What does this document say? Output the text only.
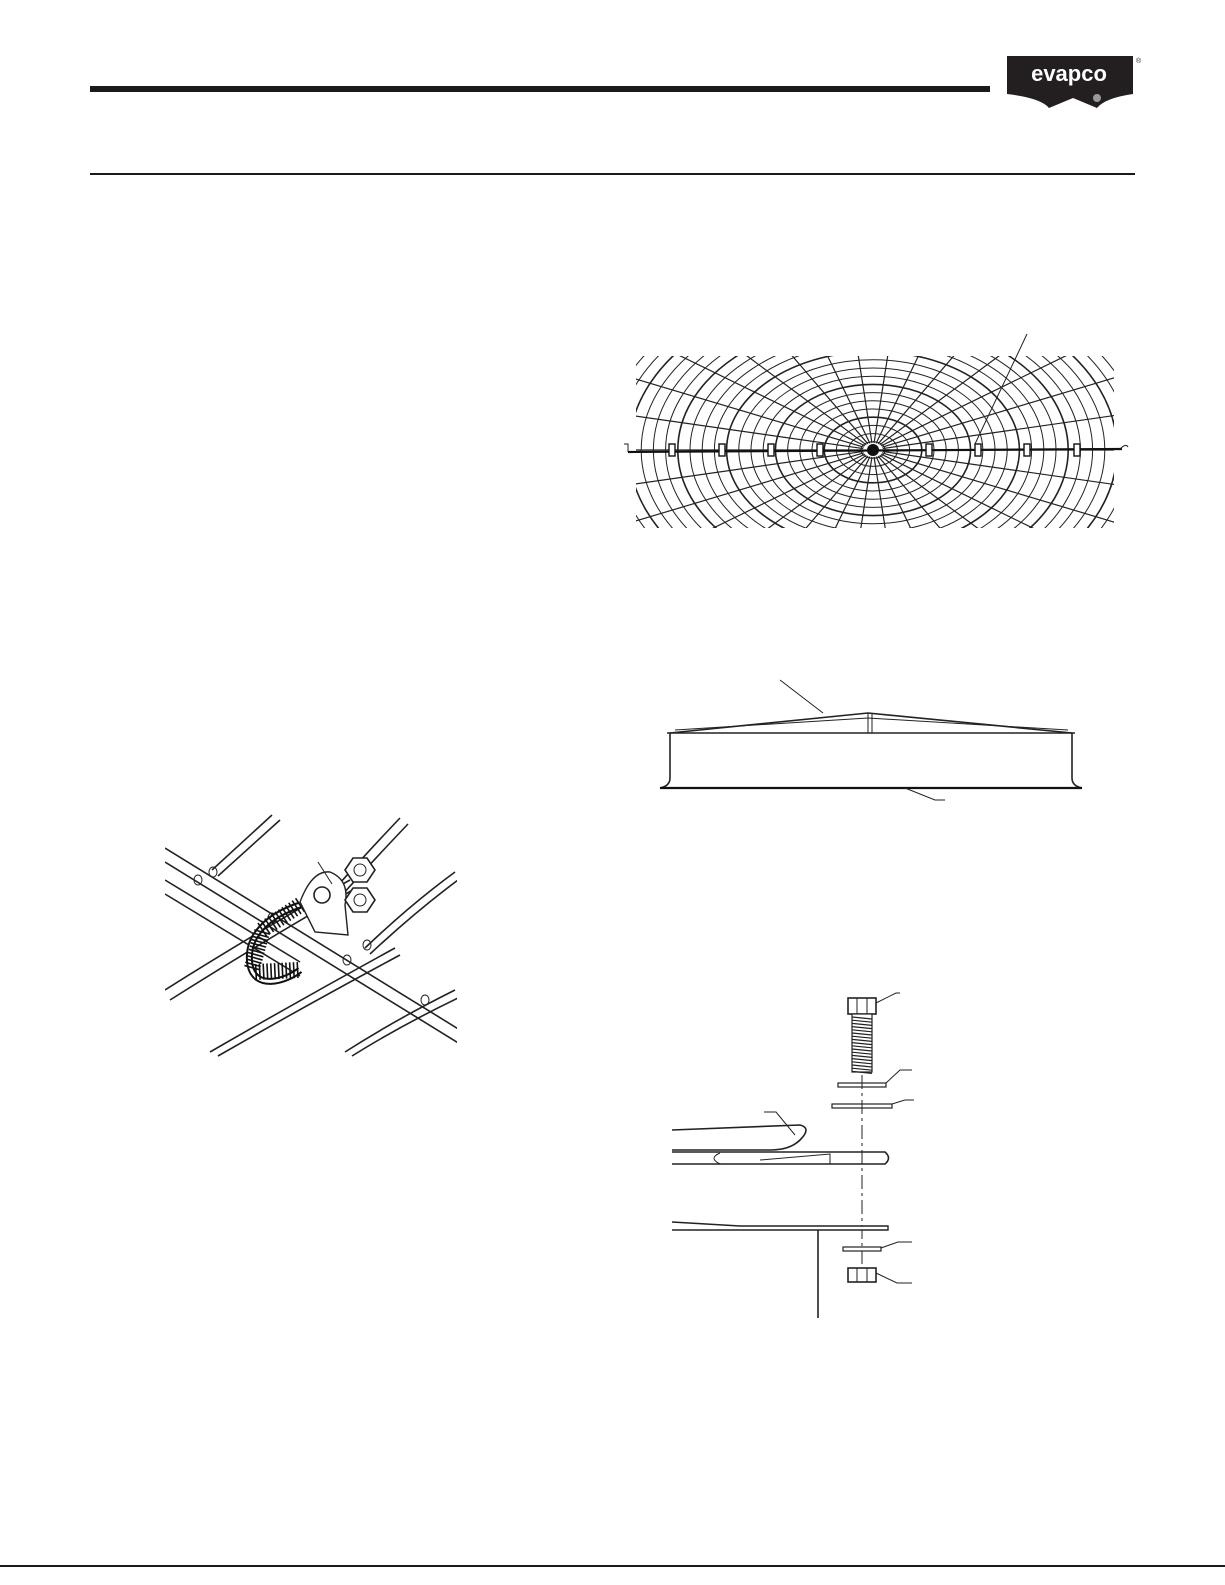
evapco	®
